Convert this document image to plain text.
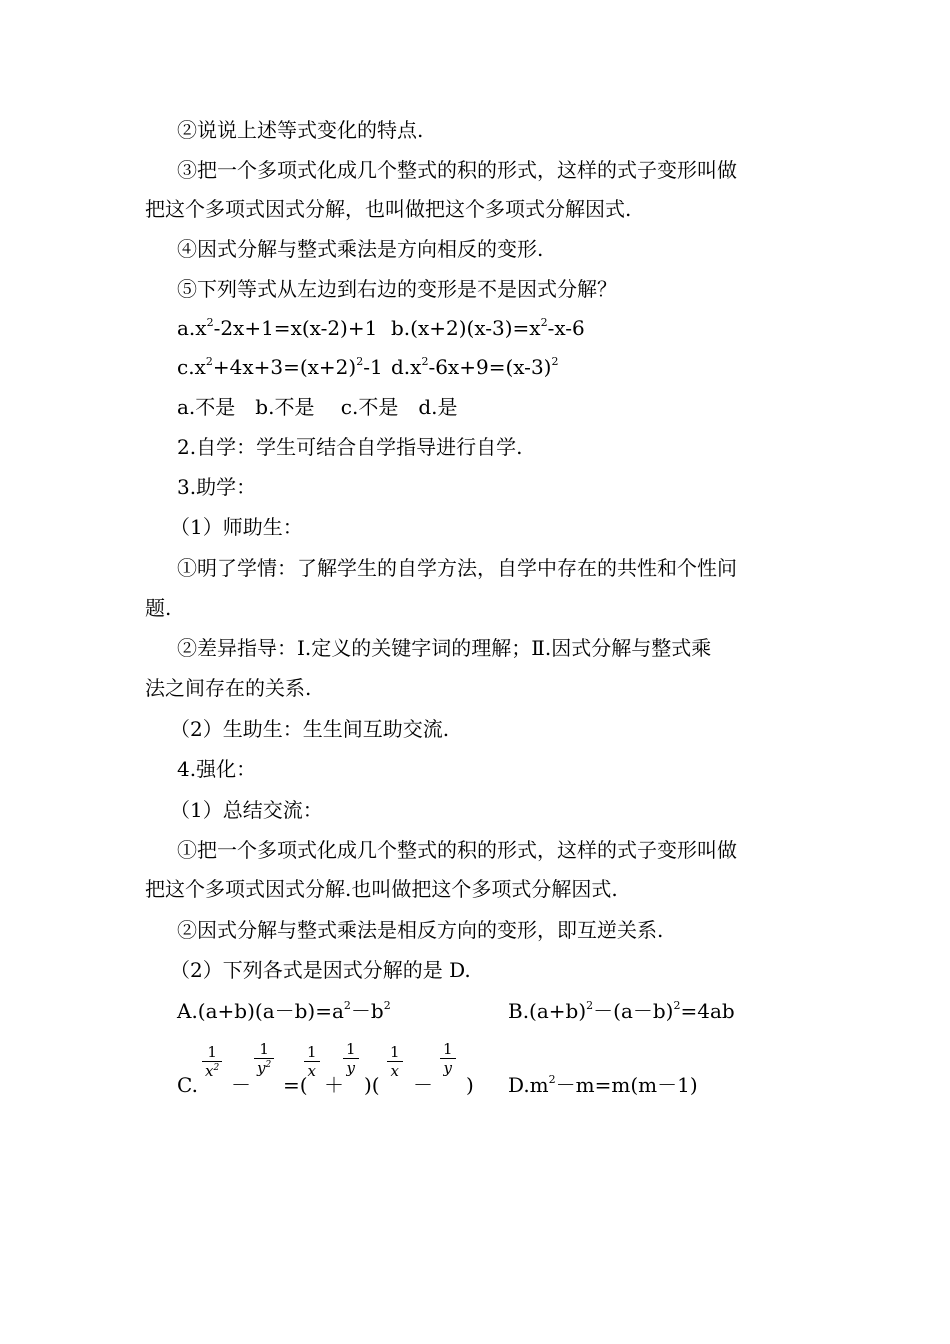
②说说上述等式变化的特点.
③把一个多项式化成几个整式的积的形式，这样的式子变形叫做
把这个多项式因式分解，也叫做把这个多项式分解因式.
④因式分解与整式乘法是方向相反的变形.
⑤下列等式从左边到右边的变形是不是因式分解？
$a.x^2-2x+1=x(x-2)+1$ $b.(x+2)(x-3)=x^2-x-6$
$c.x^2+4x+3=(x+2)^2-1$ $d.x^2-6x+9=(x-3)^2$
a.不是　b.不是　 c.不是　d.是
2.自学：学生可结合自学指导进行自学.
3.助学：
（1）师助生：
①明了学情：了解学生的自学方法，自学中存在的共性和个性问
题.
②差异指导：Ⅰ.定义的关键字词的理解；Ⅱ.因式分解与整式乘
法之间存在的关系.
（2）生助生：生生间互助交流.
4.强化：
（1）总结交流：
①把一个多项式化成几个整式的积的形式，这样的式子变形叫做
把这个多项式因式分解.也叫做把这个多项式分解因式.
②因式分解与整式乘法是相反方向的变形，即互逆关系.
（2）下列各式是因式分解的是 D.
$A.(a+b)(a-b)=a^2-b^2$	$B.(a+b)^2-(a-b)^2=4ab$
C.
$\frac{1}{x^2}$
－
$\frac{1}{y^2}$
=(
$\frac{1}{x}$
＋
$\frac{1}{y}$
)(
$\frac{1}{x}$
－
$\frac{1}{y}$
) $D.m^2-m=m(m-1)$
